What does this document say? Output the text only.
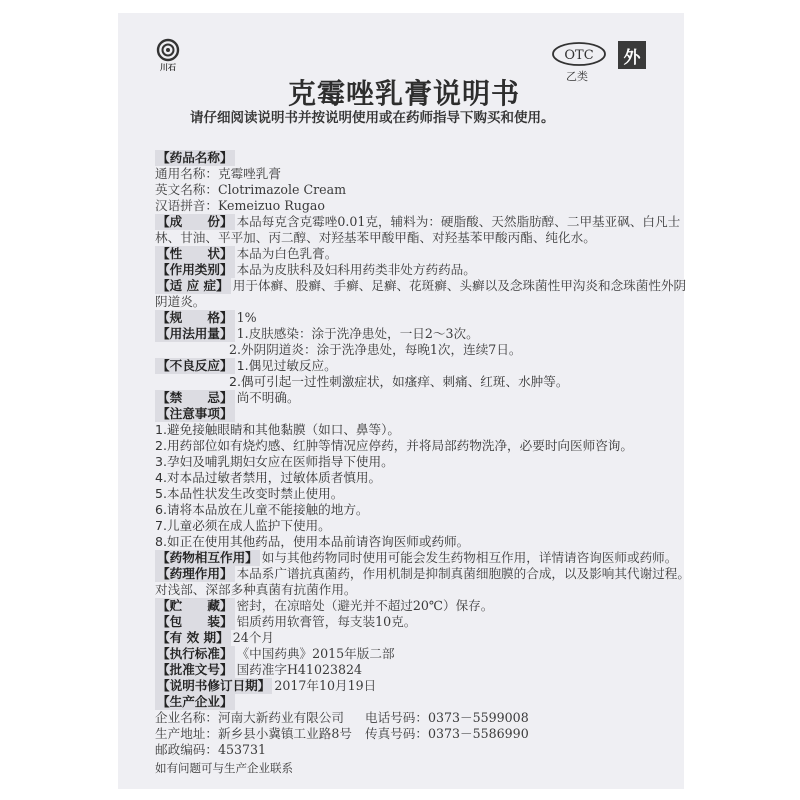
川石
OTC
乙类
外
克霉唑乳膏说明书
请仔细阅读说明书并按说明使用或在药师指导下购买和使用。
【药品名称】
通用名称：克霉唑乳膏
英文名称：Clotrimazole Cream
汉语拼音：Kemeizuo Rugao
【成　　份】 本品每克含克霉唑0.01克，辅料为：硬脂酸、天然脂肪醇、二甲基亚砜、白凡士
林、甘油、平平加、丙二醇、对羟基苯甲酸甲酯、对羟基苯甲酸丙酯、纯化水。
【性　　状】 本品为白色乳膏。
【作用类别】 本品为皮肤科及妇科用药类非处方药药品。
【适 应 症】 用于体癣、股癣、手癣、足癣、花斑癣、头癣以及念珠菌性甲沟炎和念珠菌性外阴
阴道炎。
【规　　格】 1%
【用法用量】 1.皮肤感染：涂于洗净患处，一日2～3次。
2.外阴阴道炎：涂于洗净患处，每晚1次，连续7日。
【不良反应】 1.偶见过敏反应。
2.偶可引起一过性刺激症状，如瘙痒、刺痛、红斑、水肿等。
【禁　　忌】 尚不明确。
【注意事项】
1.避免接触眼睛和其他黏膜（如口、鼻等）。
2.用药部位如有烧灼感、红肿等情况应停药，并将局部药物洗净，必要时向医师咨询。
3.孕妇及哺乳期妇女应在医师指导下使用。
4.对本品过敏者禁用，过敏体质者慎用。
5.本品性状发生改变时禁止使用。
6.请将本品放在儿童不能接触的地方。
7.儿童必须在成人监护下使用。
8.如正在使用其他药品，使用本品前请咨询医师或药师。
【药物相互作用】 如与其他药物同时使用可能会发生药物相互作用，详情请咨询医师或药师。
【药理作用】 本品系广谱抗真菌药，作用机制是抑制真菌细胞膜的合成，以及影响其代谢过程。
对浅部、深部多种真菌有抗菌作用。
【贮　　藏】 密封，在凉暗处（避光并不超过20℃）保存。
【包　　装】 铝质药用软膏管，每支装10克。
【有 效 期】 24个月
【执行标准】 《中国药典》2015年版二部
【批准文号】 国药准字H41023824
【说明书修订日期】 2017年10月19日
【生产企业】
企业名称：河南大新药业有限公司 电话号码：0373－5599008
生产地址：新乡县小冀镇工业路8号 传真号码：0373－5586990
邮政编码：453731
如有问题可与生产企业联系
